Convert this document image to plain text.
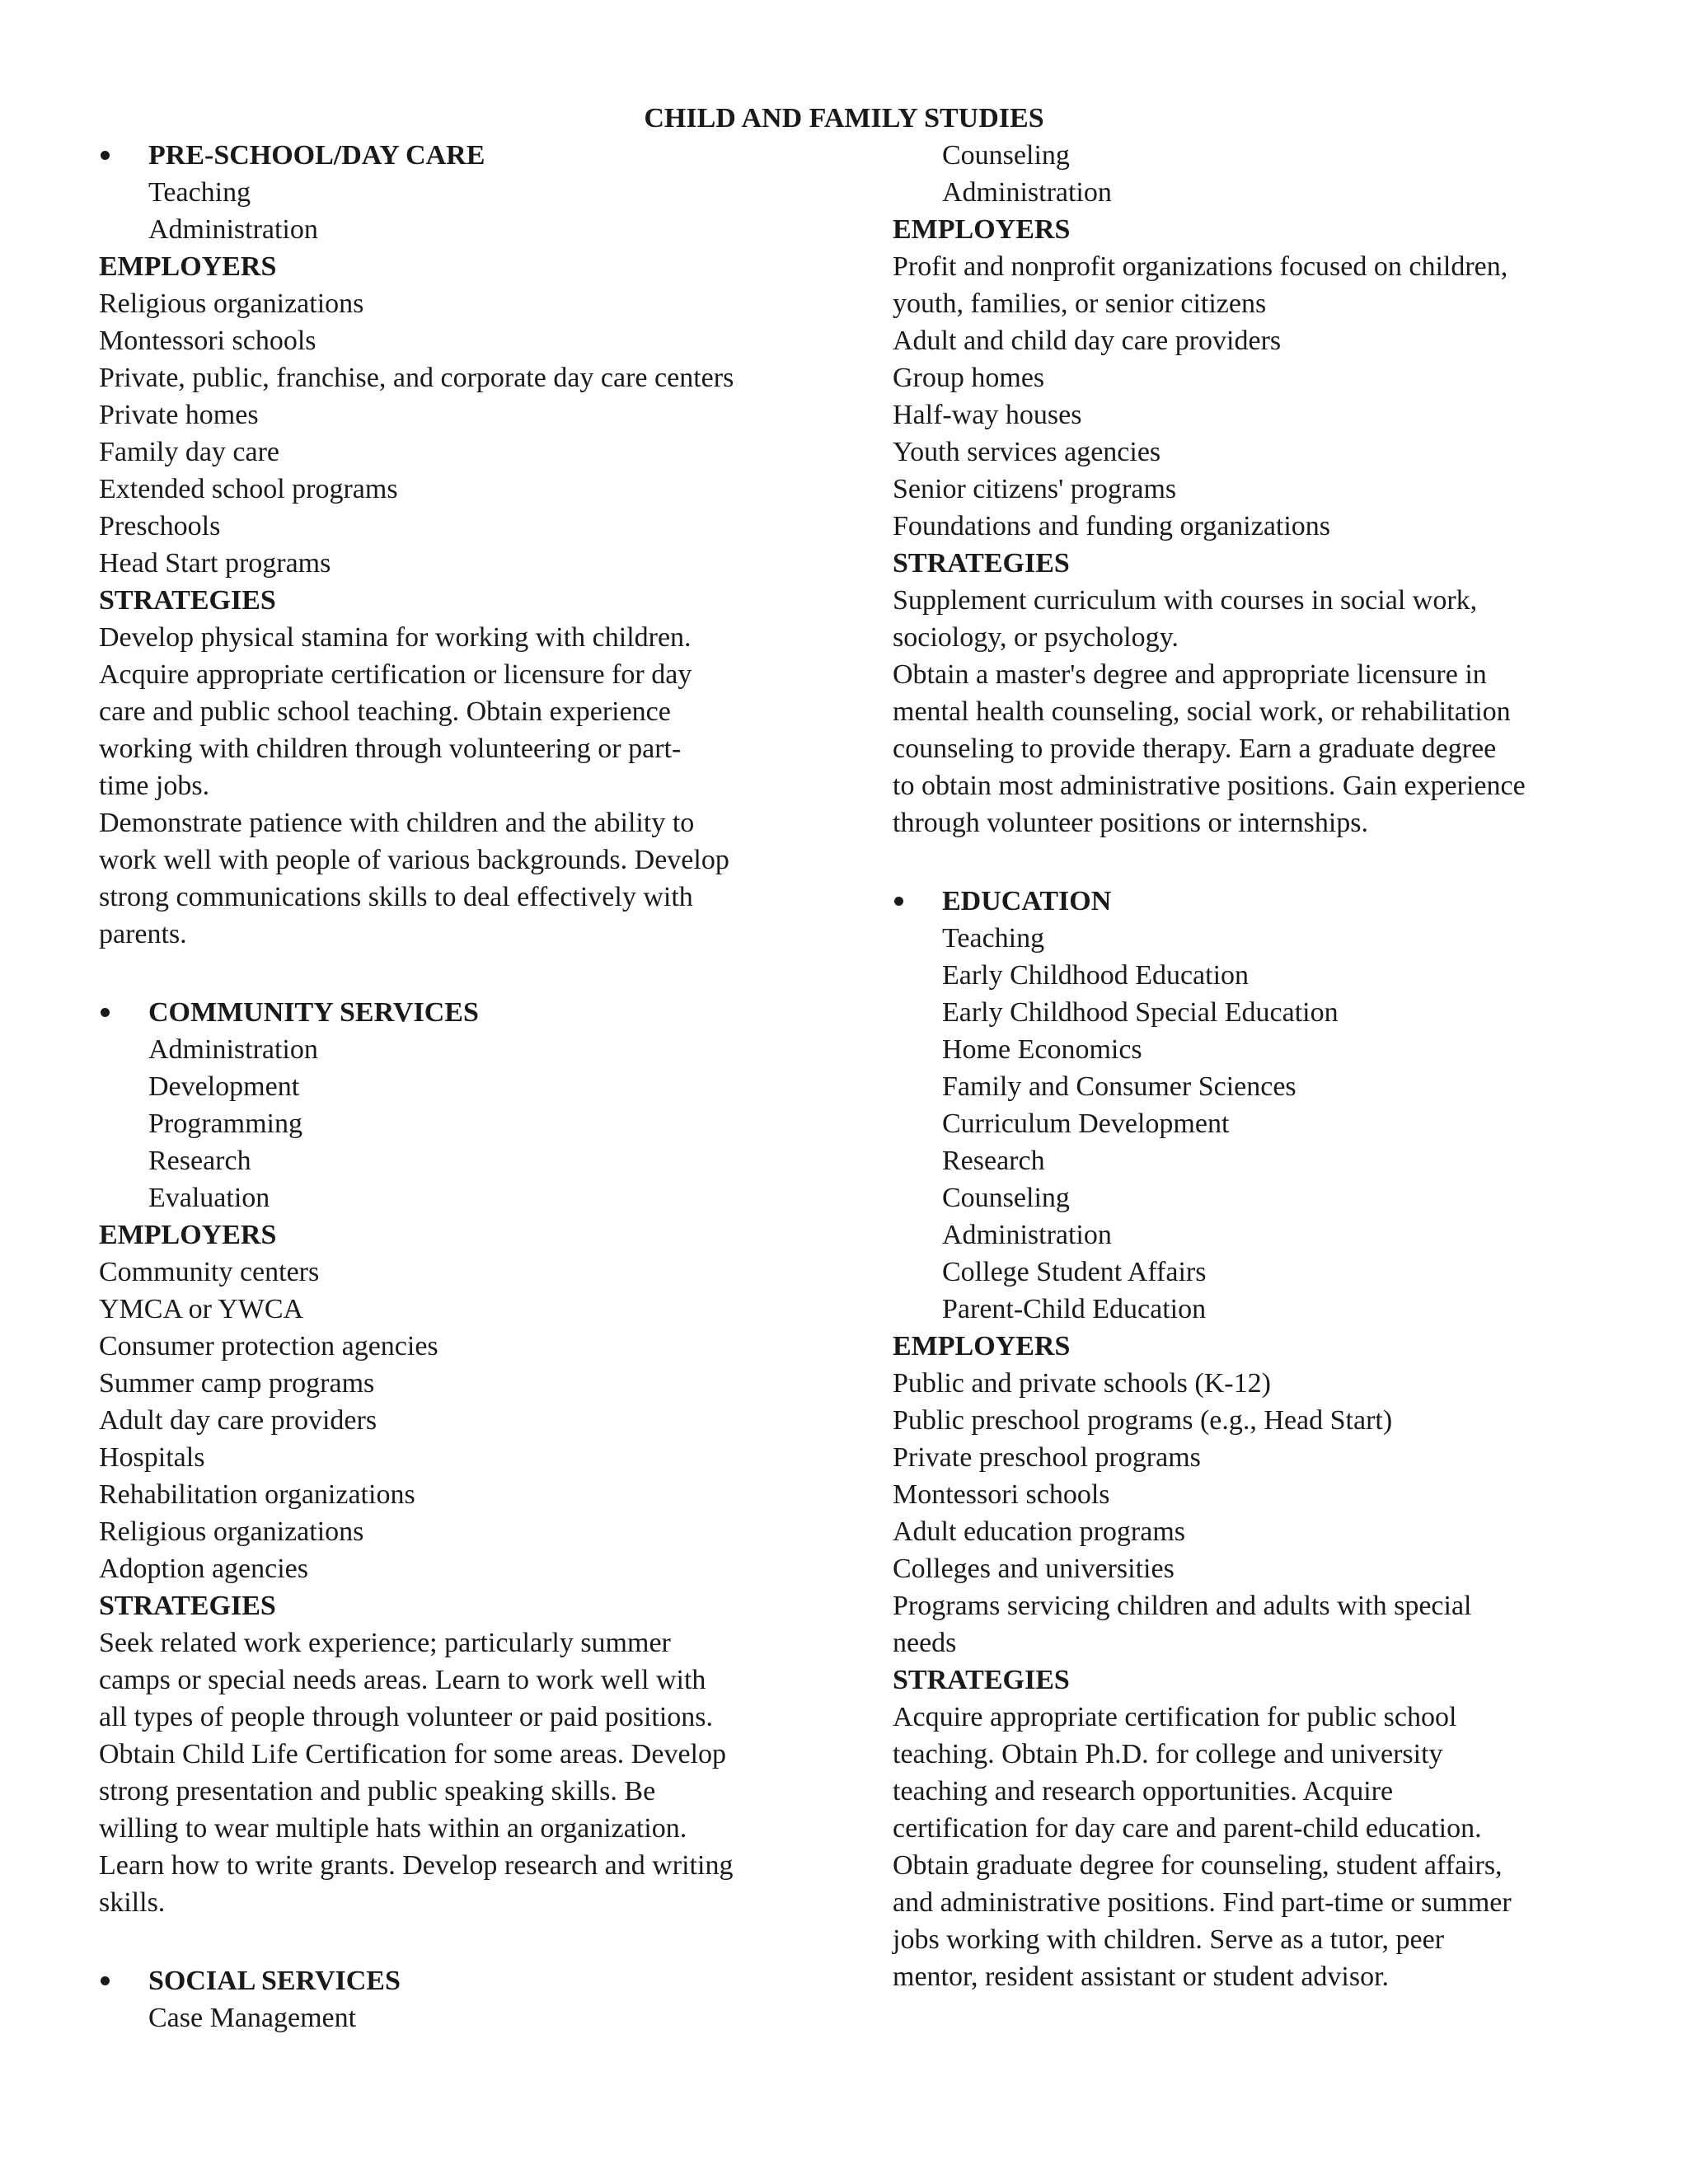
CHILD AND FAMILY STUDIES
PRE-SCHOOL/DAY CARE
Teaching
Administration
EMPLOYERS
Religious organizations
Montessori schools
Private, public, franchise, and corporate day care centers
Private homes
Family day care
Extended school programs
Preschools
Head Start programs
STRATEGIES
Develop physical stamina for working with children.
Acquire appropriate certification or licensure for day
care and public school teaching. Obtain experience
working with children through volunteering or part-
time jobs.
Demonstrate patience with children and the ability to
work well with people of various backgrounds. Develop
strong communications skills to deal effectively with
parents.
COMMUNITY SERVICES
Administration
Development
Programming
Research
Evaluation
EMPLOYERS
Community centers
YMCA or YWCA
Consumer protection agencies
Summer camp programs
Adult day care providers
Hospitals
Rehabilitation organizations
Religious organizations
Adoption agencies
STRATEGIES
Seek related work experience; particularly summer
camps or special needs areas. Learn to work well with
all types of people through volunteer or paid positions.
Obtain Child Life Certification for some areas. Develop
strong presentation and public speaking skills. Be
willing to wear multiple hats within an organization.
Learn how to write grants. Develop research and writing
skills.
SOCIAL SERVICES
Case Management
Counseling
Administration
EMPLOYERS
Profit and nonprofit organizations focused on children,
youth, families, or senior citizens
Adult and child day care providers
Group homes
Half-way houses
Youth services agencies
Senior citizens' programs
Foundations and funding organizations
STRATEGIES
Supplement curriculum with courses in social work,
sociology, or psychology.
Obtain a master's degree and appropriate licensure in
mental health counseling, social work, or rehabilitation
counseling to provide therapy. Earn a graduate degree
to obtain most administrative positions. Gain experience
through volunteer positions or internships.
EDUCATION
Teaching
Early Childhood Education
Early Childhood Special Education
Home Economics
Family and Consumer Sciences
Curriculum Development
Research
Counseling
Administration
College Student Affairs
Parent-Child Education
EMPLOYERS
Public and private schools (K-12)
Public preschool programs (e.g., Head Start)
Private preschool programs
Montessori schools
Adult education programs
Colleges and universities
Programs servicing children and adults with special
needs
STRATEGIES
Acquire appropriate certification for public school
teaching. Obtain Ph.D. for college and university
teaching and research opportunities. Acquire
certification for day care and parent-child education.
Obtain graduate degree for counseling, student affairs,
and administrative positions. Find part-time or summer
jobs working with children. Serve as a tutor, peer
mentor, resident assistant or student advisor.
